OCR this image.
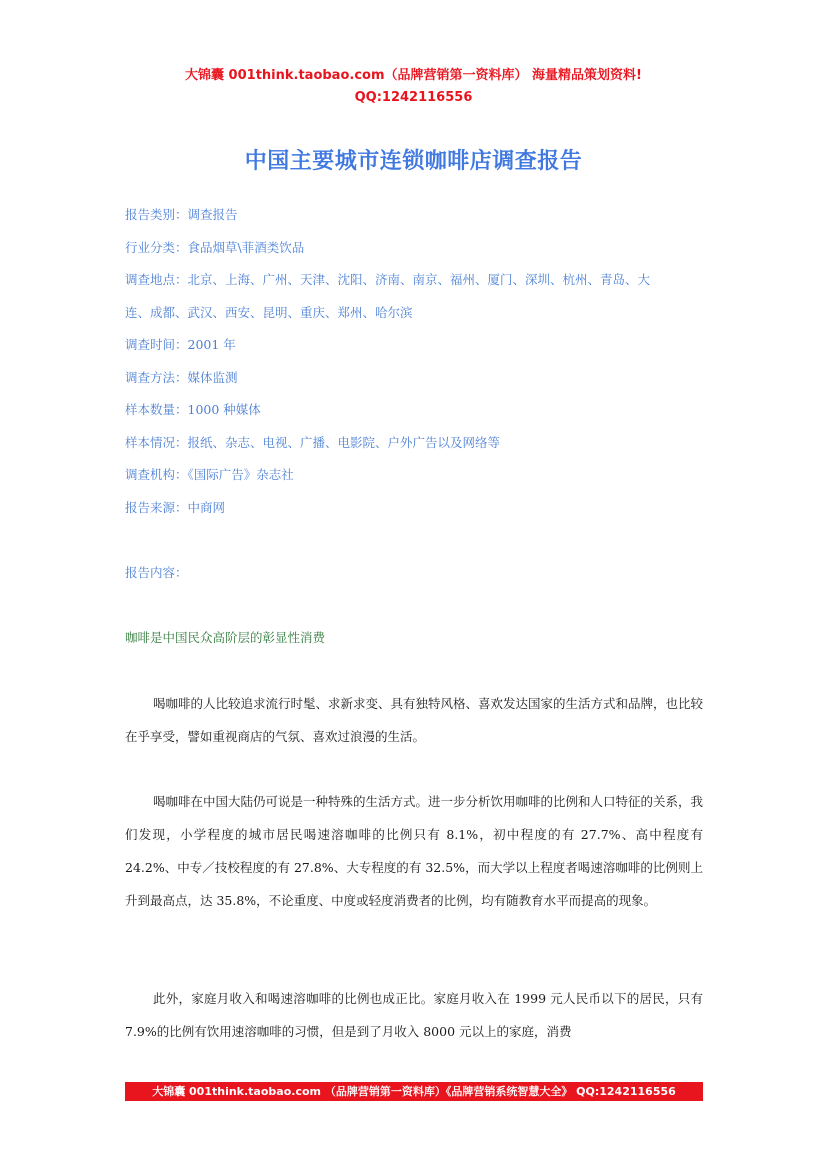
大锦囊 001think.taobao.com（品牌营销第一资料库） 海量精品策划资料!
QQ:1242116556
中国主要城市连锁咖啡店调查报告
报告类别：调查报告
行业分类：食品烟草\菲酒类饮品
调查地点：北京、上海、广州、天津、沈阳、济南、南京、福州、厦门、深圳、杭州、青岛、大
连、成都、武汉、西安、昆明、重庆、郑州、哈尔滨
调查时间：2001 年
调查方法：媒体监测
样本数量：1000 种媒体
样本情况：报纸、杂志、电视、广播、电影院、户外广告以及网络等
调查机构：《国际广告》杂志社
报告来源：中商网
报告内容：
咖啡是中国民众高阶层的彰显性消费

喝咖啡的人比较追求流行时髦、求新求变、具有独特风格、喜欢发达国家的生活方式和品牌，也比较在乎享受，譬如重视商店的气氛、喜欢过浪漫的生活。

喝咖啡在中国大陆仍可说是一种特殊的生活方式。进一步分析饮用咖啡的比例和人口特征的关系，我们发现，小学程度的城市居民喝速溶咖啡的比例只有 8.1%，初中程度的有 27.7%、高中程度有 24.2%、中专／技校程度的有 27.8%、大专程度的有 32.5%，而大学以上程度者喝速溶咖啡的比例则上升到最高点，达 35.8%，不论重度、中度或轻度消费者的比例，均有随教育水平而提高的现象。

此外，家庭月收入和喝速溶咖啡的比例也成正比。家庭月收入在 1999 元人民币以下的居民，只有 7.9%的比例有饮用速溶咖啡的习惯，但是到了月收入 8000 元以上的家庭，消费

大锦囊 001think.taobao.com （品牌营销第一资料库）《品牌营销系统智慧大全》 QQ:1242116556
